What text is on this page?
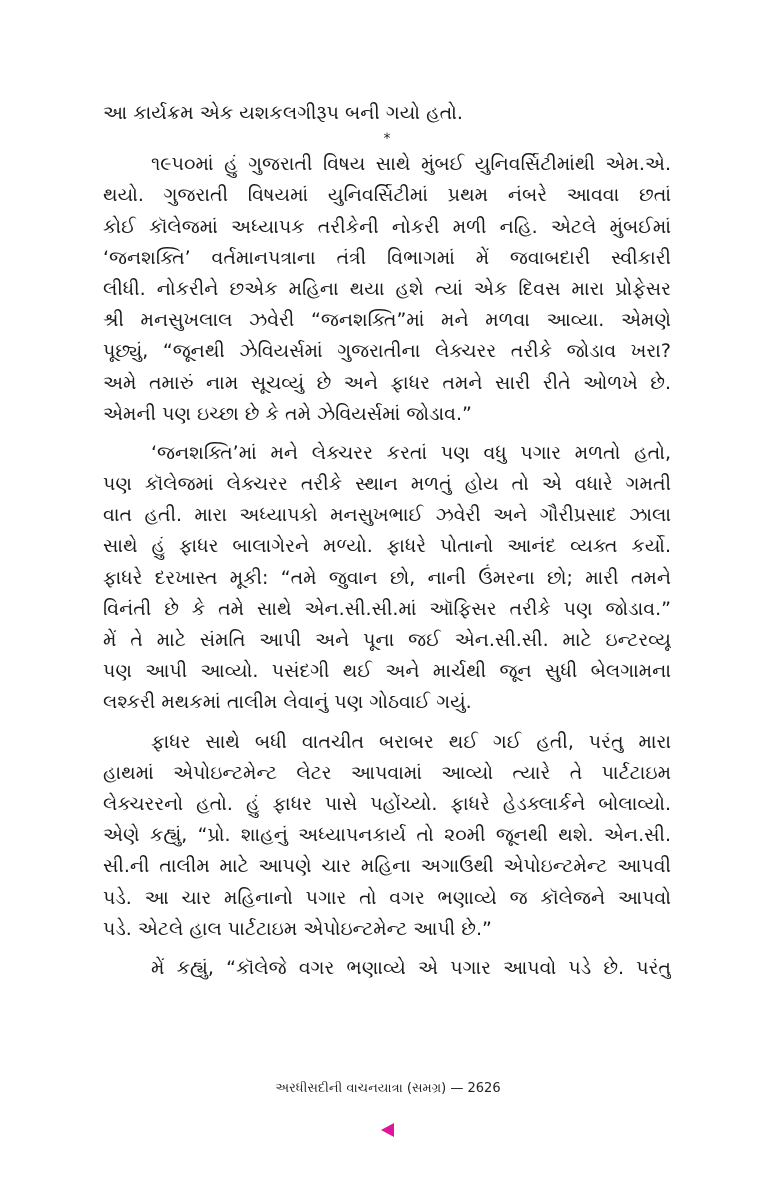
આ કાર્યક્રમ એક યશકલગીરૂપ બની ગયો હતો.
*
૧૯૫૦માં હું ગુજરાતી વિષય સાથે મુંબઈ યુનિવર્સિટીમાંથી એમ.એ.
થયો. ગુજરાતી વિષયમાં યુનિવર્સિટીમાં પ્રથમ નંબરે આવવા છતાં
કોઈ કૉલેજમાં અધ્યાપક તરીકેની નોકરી મળી નહિ. એટલે મુંબઈમાં
‘જનશક્તિ’ વર્તમાનપત્રાના તંત્રી વિભાગમાં મેં જવાબદારી સ્વીકારી
લીધી. નોકરીને છએક મહિના થયા હશે ત્યાં એક દિવસ મારા પ્રોફેસર
શ્રી મનસુખલાલ ઝવેરી “જનશક્તિ”માં મને મળવા આવ્યા. એમણે
પૂછ્યું, “જૂનથી ઝેવિયર્સમાં ગુજરાતીના લેક્ચરર તરીકે જોડાવ ખરા?
અમે તમારું નામ સૂચવ્યું છે અને ફાધર તમને સારી રીતે ઓળખે છે.
એમની પણ ઇચ્છા છે કે તમે ઝેવિયર્સમાં જોડાવ.”
‘જનશક્તિ’માં મને લેક્ચરર કરતાં પણ વધુ પગાર મળતો હતો,
પણ કૉલેજમાં લેક્ચરર તરીકે સ્થાન મળતું હોય તો એ વધારે ગમતી
વાત હતી. મારા અધ્યાપકો મનસુખભાઈ ઝવેરી અને ગૌરીપ્રસાદ ઝાલા
સાથે હું ફાધર બાલાગેરને મળ્યો. ફાધરે પોતાનો આનંદ વ્યક્ત કર્યો.
ફાધરે દરખાસ્ત મૂકી: “તમે જુવાન છો, નાની ઉંમરના છો; મારી તમને
વિનંતી છે કે તમે સાથે એન.સી.સી.માં ઑફિસર તરીકે પણ જોડાવ.”
મેં તે માટે સંમતિ આપી અને પૂના જઈ એન.સી.સી. માટે ઇન્ટરવ્યૂ
પણ આપી આવ્યો. પસંદગી થઈ અને માર્ચથી જૂન સુધી બેલગામના
લશ્કરી મથકમાં તાલીમ લેવાનું પણ ગોઠવાઈ ગયું.
ફાધર સાથે બધી વાતચીત બરાબર થઈ ગઈ હતી, પરંતુ મારા
હાથમાં એપોઇન્ટમેન્ટ લેટર આપવામાં આવ્યો ત્યારે તે પાર્ટટાઇમ
લેક્ચરરનો હતો. હું ફાધર પાસે પહોંચ્યો. ફાધરે હેડક્લાર્કને બોલાવ્યો.
એણે કહ્યું, “પ્રો. શાહનું અધ્યાપનકાર્ય તો ૨૦મી જૂનથી થશે. એન.સી.
સી.ની તાલીમ માટે આપણે ચાર મહિના અગાઉથી એપોઇન્ટમેન્ટ આપવી
પડે. આ ચાર મહિનાનો પગાર તો વગર ભણાવ્યે જ કૉલેજને આપવો
પડે. એટલે હાલ પાર્ટટાઇમ એપોઇન્ટમેન્ટ આપી છે.”
મેં કહ્યું, “કૉલેજે વગર ભણાવ્યે એ પગાર આપવો પડે છે. પરંતુ
અરધીસદીની વાચનયાત્રા (સમગ્ર) — 2626
